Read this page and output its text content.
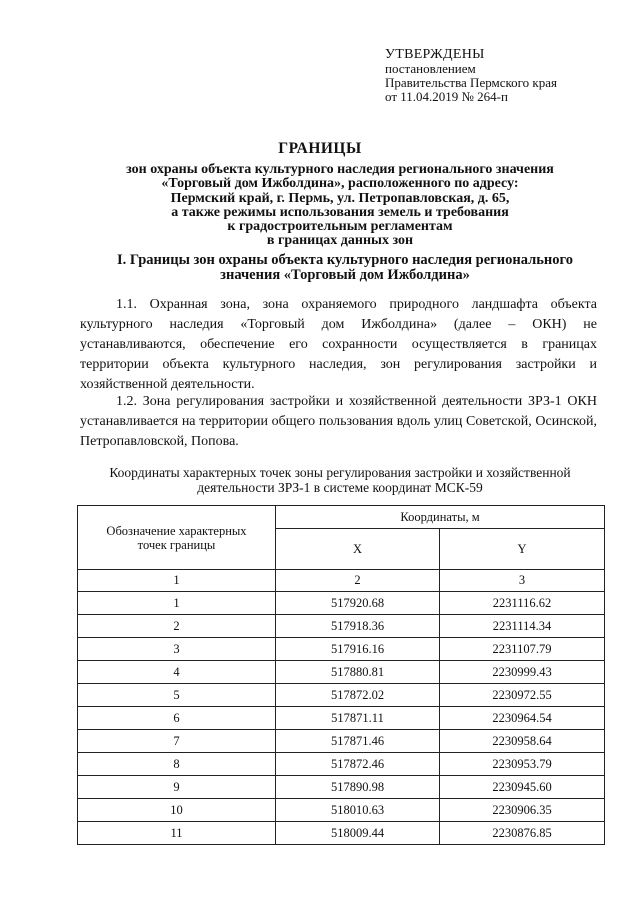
УТВЕРЖДЕНЫ
постановлением
Правительства Пермского края
от 11.04.2019 № 264-п
ГРАНИЦЫ
зон охраны объекта культурного наследия регионального значения
«Торговый дом Ижболдина», расположенного по адресу:
Пермский край, г. Пермь, ул. Петропавловская, д. 65,
а также режимы использования земель и требования
к градостроительным регламентам
в границах данных зон
I. Границы зон охраны объекта культурного наследия регионального
значения «Торговый дом Ижболдина»
1.1. Охранная зона, зона охраняемого природного ландшафта объекта культурного наследия «Торговый дом Ижболдина» (далее – ОКН) не устанавливаются, обеспечение его сохранности осуществляется в границах территории объекта культурного наследия, зон регулирования застройки и хозяйственной деятельности.
1.2. Зона регулирования застройки и хозяйственной деятельности ЗРЗ-1 ОКН устанавливается на территории общего пользования вдоль улиц Советской, Осинской, Петропавловской, Попова.
Координаты характерных точек зоны регулирования застройки и хозяйственной
деятельности ЗРЗ-1 в системе координат МСК-59
Обозначение характерных
точек границы	Координаты, м	
	X	Y
1	2	3
1	517920.68	2231116.62
2	517918.36	2231114.34
3	517916.16	2231107.79
4	517880.81	2230999.43
5	517872.02	2230972.55
6	517871.11	2230964.54
7	517871.46	2230958.64
8	517872.46	2230953.79
9	517890.98	2230945.60
10	518010.63	2230906.35
11	518009.44	2230876.85
